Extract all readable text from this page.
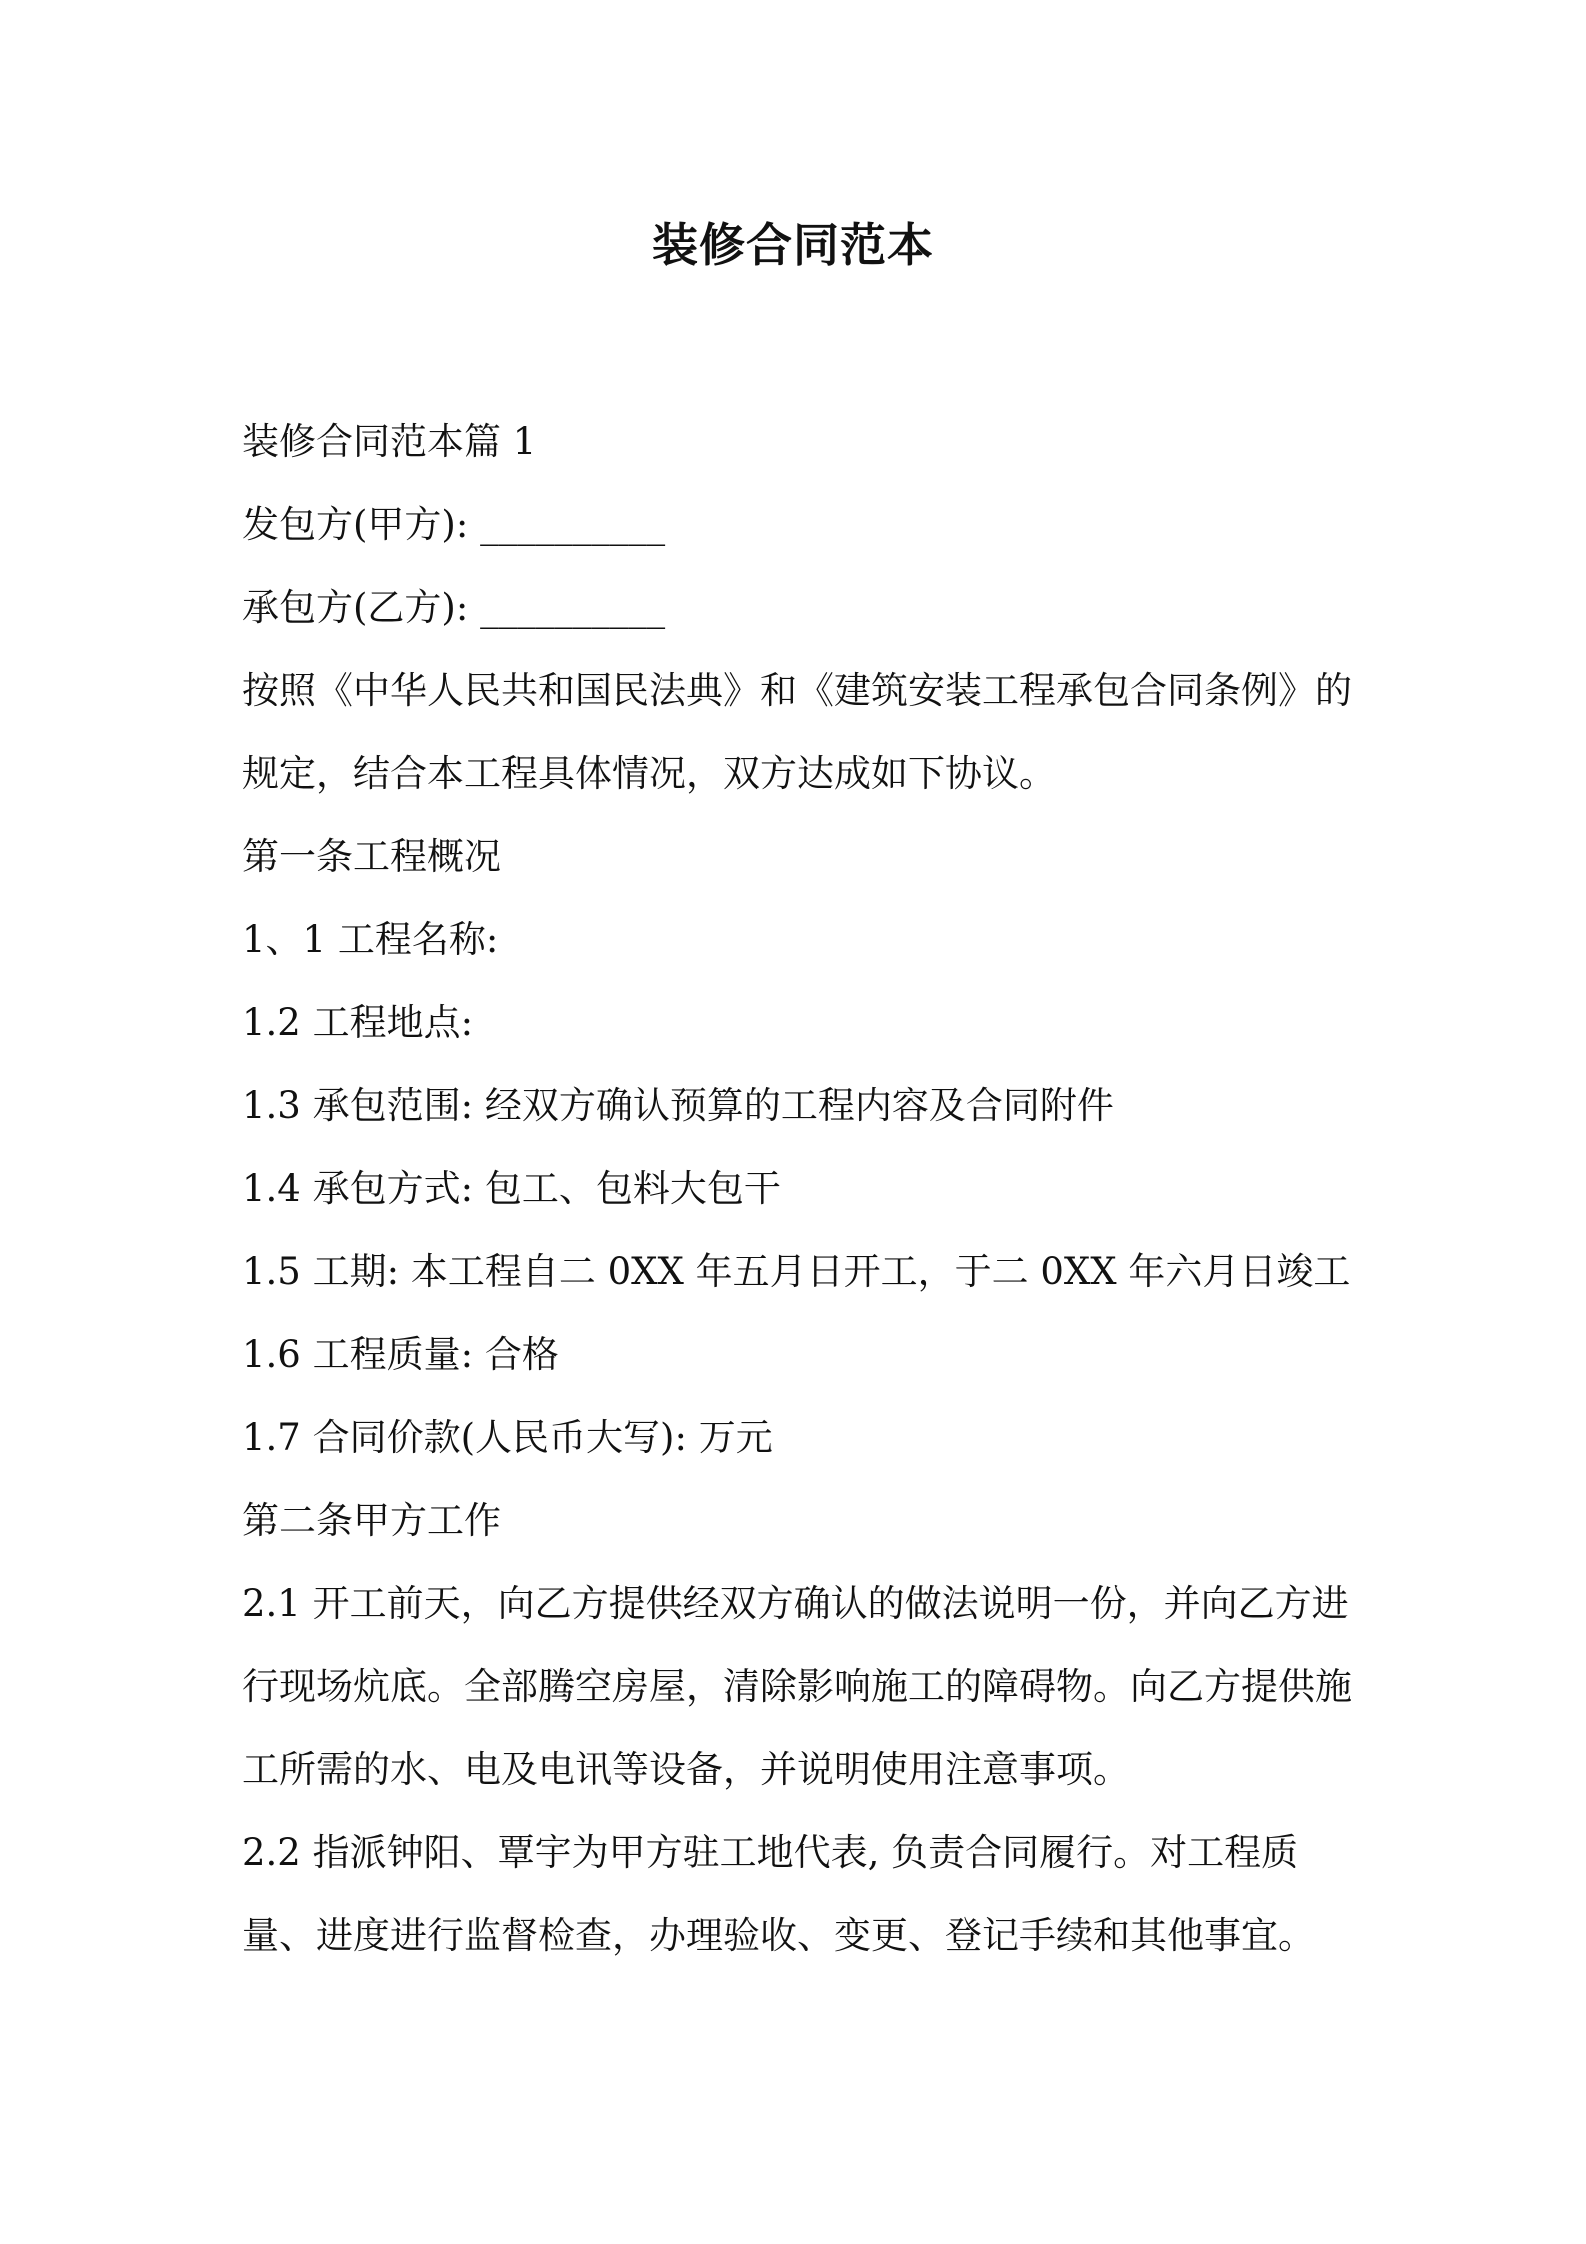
装修合同范本
装修合同范本篇 1
发包方(甲方): __________
承包方(乙方): __________
按照《中华人民共和国民法典》和《建筑安装工程承包合同条例》的规定，结合本工程具体情况，双方达成如下协议。
第一条工程概况
1、1 工程名称:
1.2 工程地点:
1.3 承包范围: 经双方确认预算的工程内容及合同附件
1.4 承包方式: 包工、包料大包干
1.5 工期: 本工程自二 0XX 年五月日开工，于二 0XX 年六月日竣工
1.6 工程质量: 合格
1.7 合同价款(人民币大写): 万元
第二条甲方工作
2.1 开工前天，向乙方提供经双方确认的做法说明一份，并向乙方进行现场炕底。全部腾空房屋，清除影响施工的障碍物。向乙方提供施工所需的水、电及电讯等设备，并说明使用注意事项。
2.2 指派钟阳、覃宇为甲方驻工地代表, 负责合同履行。对工程质量、进度进行监督检查，办理验收、变更、登记手续和其他事宜。
